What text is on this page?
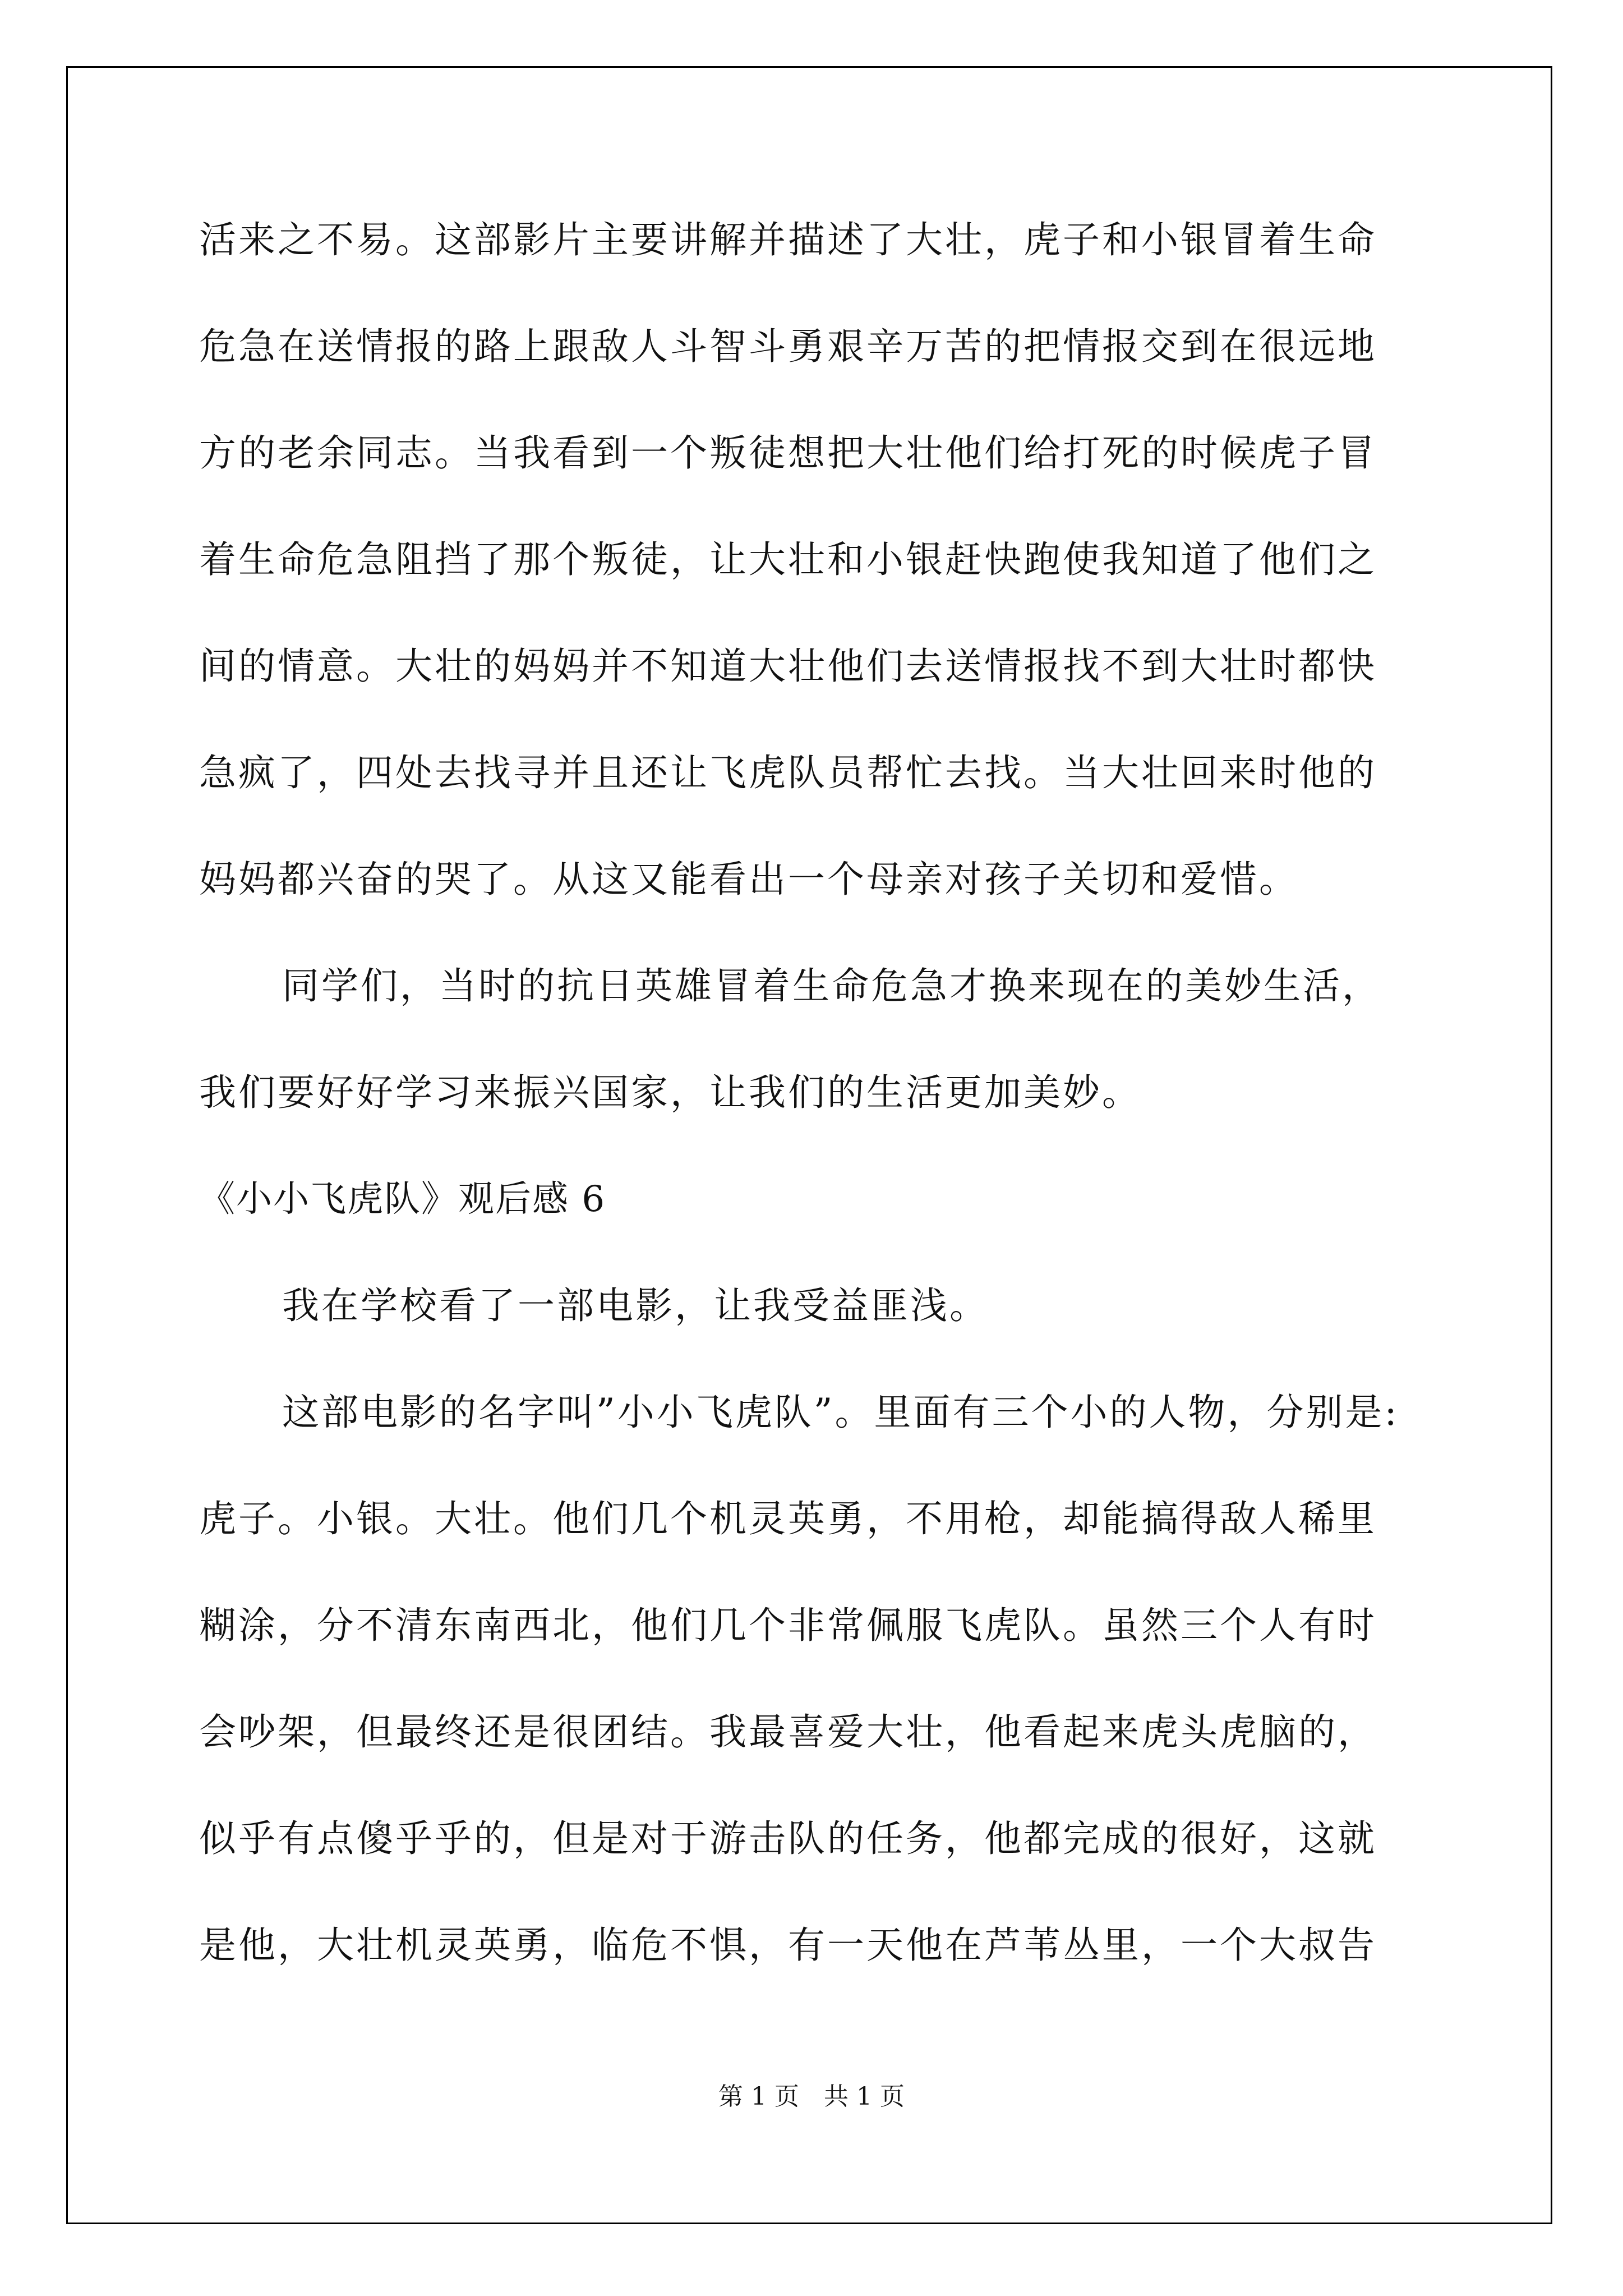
活来之不易。这部影片主要讲解并描述了大壮，虎子和小银冒着生命

危急在送情报的路上跟敌人斗智斗勇艰辛万苦的把情报交到在很远地

方的老余同志。当我看到一个叛徒想把大壮他们给打死的时候虎子冒

着生命危急阻挡了那个叛徒，让大壮和小银赶快跑使我知道了他们之

间的情意。大壮的妈妈并不知道大壮他们去送情报找不到大壮时都快

急疯了，四处去找寻并且还让飞虎队员帮忙去找。当大壮回来时他的

妈妈都兴奋的哭了。从这又能看出一个母亲对孩子关切和爱惜。

同学们，当时的抗日英雄冒着生命危急才换来现在的美妙生活，

我们要好好学习来振兴国家，让我们的生活更加美妙。

《小小飞虎队》观后感 6

我在学校看了一部电影，让我受益匪浅。

这部电影的名字叫”小小飞虎队”。里面有三个小的人物，分别是:

虎子。小银。大壮。他们几个机灵英勇，不用枪，却能搞得敌人稀里

糊涂，分不清东南西北，他们几个非常佩服飞虎队。虽然三个人有时

会吵架，但最终还是很团结。我最喜爱大壮，他看起来虎头虎脑的，

似乎有点傻乎乎的，但是对于游击队的任务，他都完成的很好，这就

是他，大壮机灵英勇，临危不惧，有一天他在芦苇丛里，一个大叔告

第 1 页　共 1 页
